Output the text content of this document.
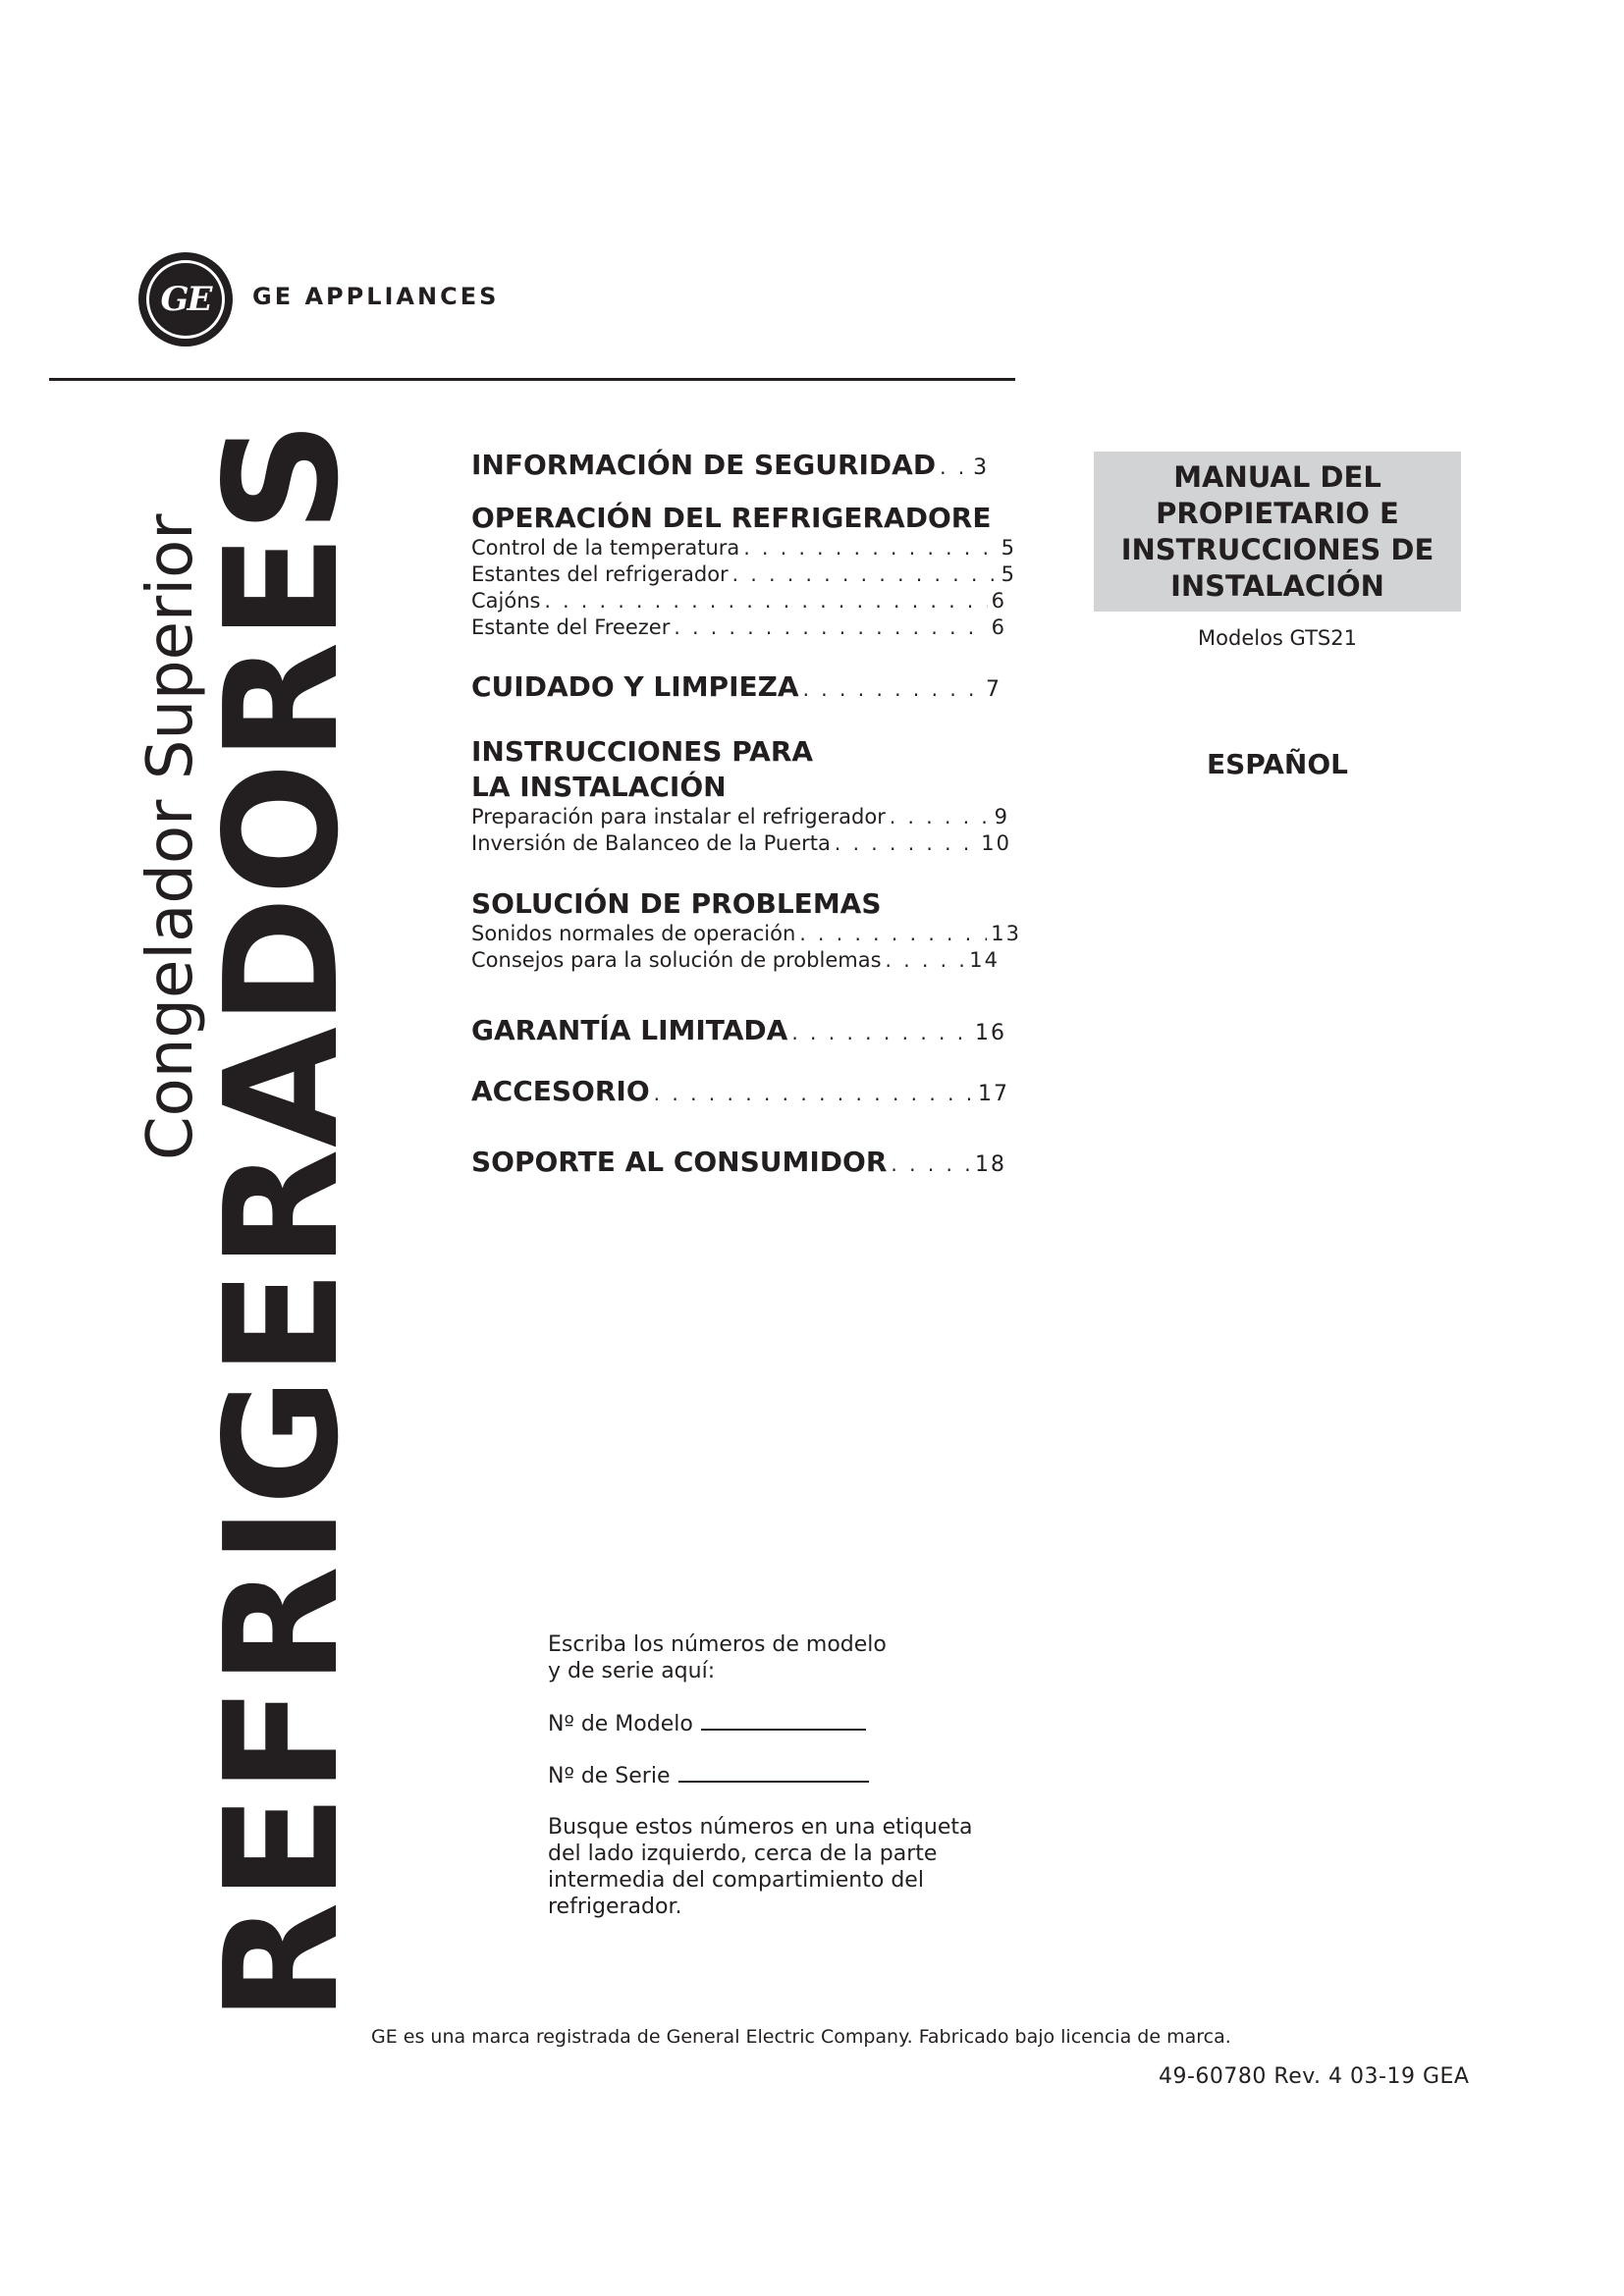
GE	GE APPLIANCES
REFRIGERADORES
Congelador Superior
INFORMACIÓN DE SEGURIDAD . . . 3
OPERACIÓN DEL REFRIGERADORE
Control de la temperatura . . .	5
Estantes del refrigerador . . .	5
Cajóns . . .	6
Estante del Freezer . . .	6
CUIDADO Y LIMPIEZA . . .	7
INSTRUCCIONES PARA
LA INSTALACIÓN
Preparación para instalar el refrigerador . . .	9
Inversión de Balanceo de la Puerta . . .	10
SOLUCIÓN DE PROBLEMAS
Sonidos normales de operación . . .	13
Consejos para la solución de problemas . . .	14
GARANTÍA LIMITADA . . .	16
ACCESORIO . . .	17
SOPORTE AL CONSUMIDOR . . .	18
MANUAL DEL
PROPIETARIO E
INSTRUCCIONES DE
INSTALACIÓN
Modelos GTS21
ESPAÑOL
Escriba los números de modelo
y de serie aquí:
Nº de Modelo
Nº de Serie
Busque estos números en una etiqueta
del lado izquierdo, cerca de la parte
intermedia del compartimiento del
refrigerador.
GE es una marca registrada de General Electric Company. Fabricado bajo licencia de marca.
49-60780 Rev. 4 03-19 GEA
